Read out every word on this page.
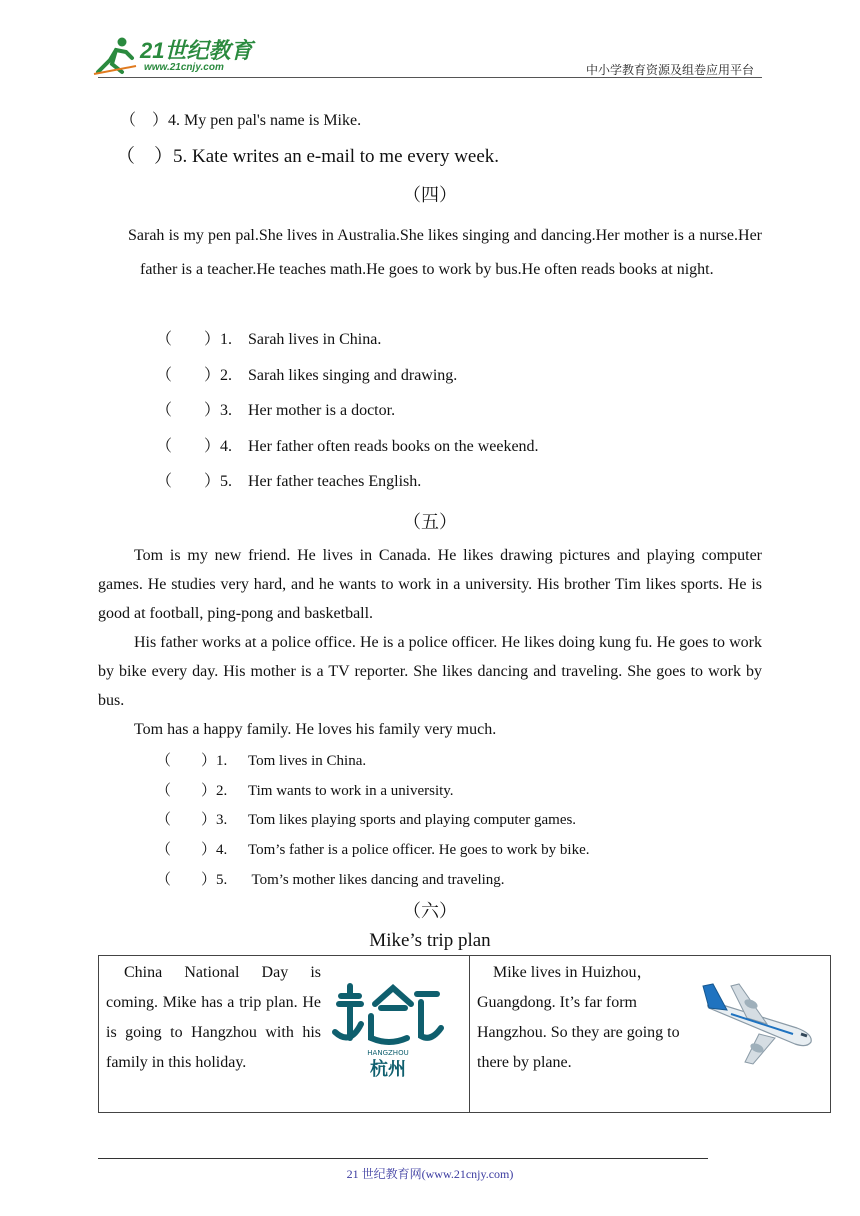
21世纪教育
www.21cnjy.com	中小学教育资源及组卷应用平台
（　）4. My pen pal's name is Mike.
（　）5. Kate writes an e-mail to me every week.
（四）
Sarah is my pen pal.She lives in Australia.She likes singing and dancing.Her mother is a nurse.Her father is a teacher.He teaches math.He goes to work by bus.He often reads books at night.
（　　）1. Sarah lives in China.
（　　）2. Sarah likes singing and drawing.
（　　）3. Her mother is a doctor.
（　　）4. Her father often reads books on the weekend.
（　　）5. Her father teaches English.
（五）
Tom is my new friend. He lives in Canada. He likes drawing pictures and playing computer games. He studies very hard, and he wants to work in a university. His brother Tim likes sports. He is good at football, ping-pong and basketball.
His father works at a police office. He is a police officer. He likes doing kung fu. He goes to work by bike every day. His mother is a TV reporter. She likes dancing and traveling. She goes to work by bus.
Tom has a happy family. He loves his family very much.
（　　）1. Tom lives in China.
（　　）2. Tim wants to work in a university.
（　　）3. Tom likes playing sports and playing computer games.
（　　）4. Tom’s father is a police officer. He goes to work by bike.
（　　）5. Tom’s mother likes dancing and traveling.
（六）
Mike’s trip plan
China National Day is coming. Mike has a trip plan. He is going to Hangzhou with his family in this holiday.
HANGZHOU
杭州
Mike lives in Huizhou，Guangdong. It’s far form Hangzhou. So they are going to there by plane.
21 世纪教育网(www.21cnjy.com)
